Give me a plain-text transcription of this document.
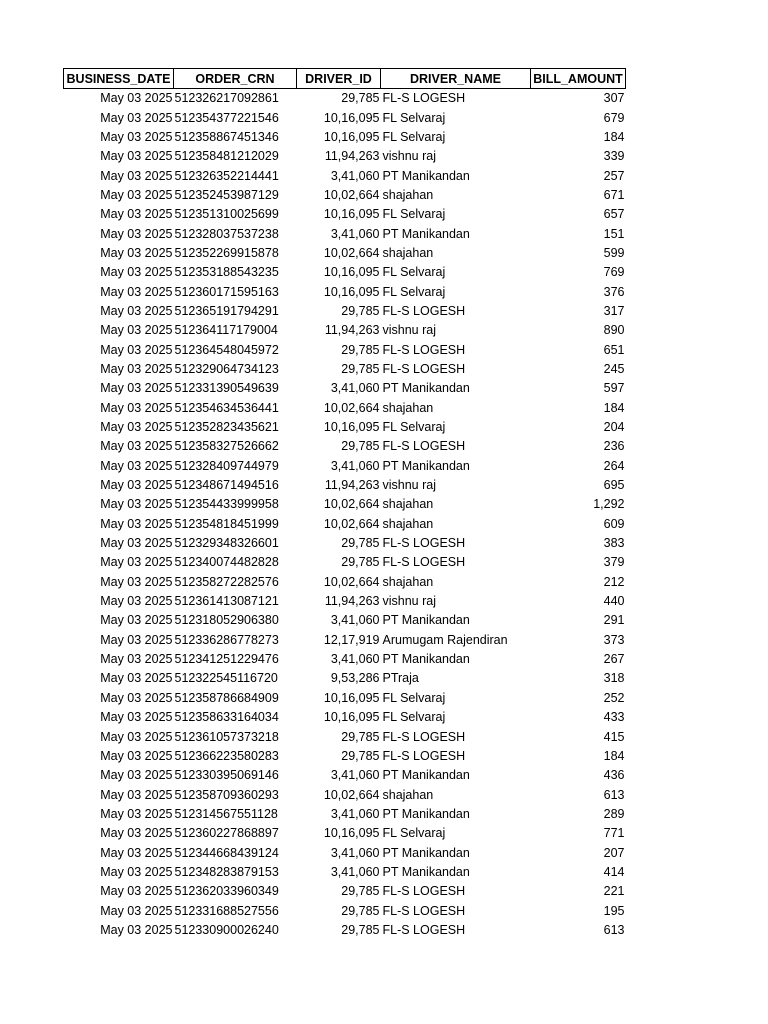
BUSINESS_DATE	ORDER_CRN	DRIVER_ID	DRIVER_NAME	BILL_AMOUNT
May 03 2025	512326217092861	29,785	FL-S LOGESH	307
May 03 2025	512354377221546	10,16,095	FL Selvaraj	679
May 03 2025	512358867451346	10,16,095	FL Selvaraj	184
May 03 2025	512358481212029	11,94,263	vishnu raj	339
May 03 2025	512326352214441	3,41,060	PT Manikandan	257
May 03 2025	512352453987129	10,02,664	shajahan	671
May 03 2025	512351310025699	10,16,095	FL Selvaraj	657
May 03 2025	512328037537238	3,41,060	PT Manikandan	151
May 03 2025	512352269915878	10,02,664	shajahan	599
May 03 2025	512353188543235	10,16,095	FL Selvaraj	769
May 03 2025	512360171595163	10,16,095	FL Selvaraj	376
May 03 2025	512365191794291	29,785	FL-S LOGESH	317
May 03 2025	512364117179004	11,94,263	vishnu raj	890
May 03 2025	512364548045972	29,785	FL-S LOGESH	651
May 03 2025	512329064734123	29,785	FL-S LOGESH	245
May 03 2025	512331390549639	3,41,060	PT Manikandan	597
May 03 2025	512354634536441	10,02,664	shajahan	184
May 03 2025	512352823435621	10,16,095	FL Selvaraj	204
May 03 2025	512358327526662	29,785	FL-S LOGESH	236
May 03 2025	512328409744979	3,41,060	PT Manikandan	264
May 03 2025	512348671494516	11,94,263	vishnu raj	695
May 03 2025	512354433999958	10,02,664	shajahan	1,292
May 03 2025	512354818451999	10,02,664	shajahan	609
May 03 2025	512329348326601	29,785	FL-S LOGESH	383
May 03 2025	512340074482828	29,785	FL-S LOGESH	379
May 03 2025	512358272282576	10,02,664	shajahan	212
May 03 2025	512361413087121	11,94,263	vishnu raj	440
May 03 2025	512318052906380	3,41,060	PT Manikandan	291
May 03 2025	512336286778273	12,17,919	Arumugam Rajendiran	373
May 03 2025	512341251229476	3,41,060	PT Manikandan	267
May 03 2025	512322545116720	9,53,286	PTraja	318
May 03 2025	512358786684909	10,16,095	FL Selvaraj	252
May 03 2025	512358633164034	10,16,095	FL Selvaraj	433
May 03 2025	512361057373218	29,785	FL-S LOGESH	415
May 03 2025	512366223580283	29,785	FL-S LOGESH	184
May 03 2025	512330395069146	3,41,060	PT Manikandan	436
May 03 2025	512358709360293	10,02,664	shajahan	613
May 03 2025	512314567551128	3,41,060	PT Manikandan	289
May 03 2025	512360227868897	10,16,095	FL Selvaraj	771
May 03 2025	512344668439124	3,41,060	PT Manikandan	207
May 03 2025	512348283879153	3,41,060	PT Manikandan	414
May 03 2025	512362033960349	29,785	FL-S LOGESH	221
May 03 2025	512331688527556	29,785	FL-S LOGESH	195
May 03 2025	512330900026240	29,785	FL-S LOGESH	613
